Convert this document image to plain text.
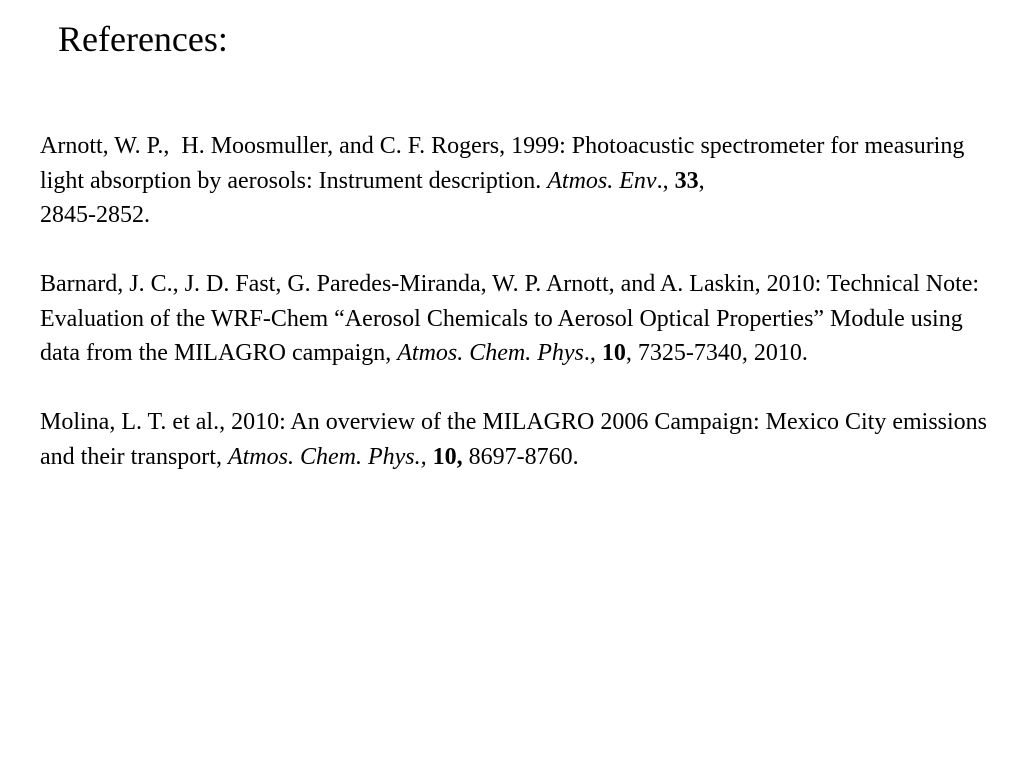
References:

Arnott, W. P.,  H. Moosmuller, and C. F. Rogers, 1999: Photoacustic spectrometer for measuring light absorption by aerosols: Instrument description. Atmos. Env., 33,
2845-2852.

Barnard, J. C., J. D. Fast, G. Paredes-Miranda, W. P. Arnott, and A. Laskin, 2010: Technical Note: Evaluation of the WRF-Chem “Aerosol Chemicals to Aerosol Optical Properties” Module using data from the MILAGRO campaign, Atmos. Chem. Phys., 10, 7325-7340, 2010.

Molina, L. T. et al., 2010: An overview of the MILAGRO 2006 Campaign: Mexico City emissions and their transport, Atmos. Chem. Phys., 10, 8697-8760.
